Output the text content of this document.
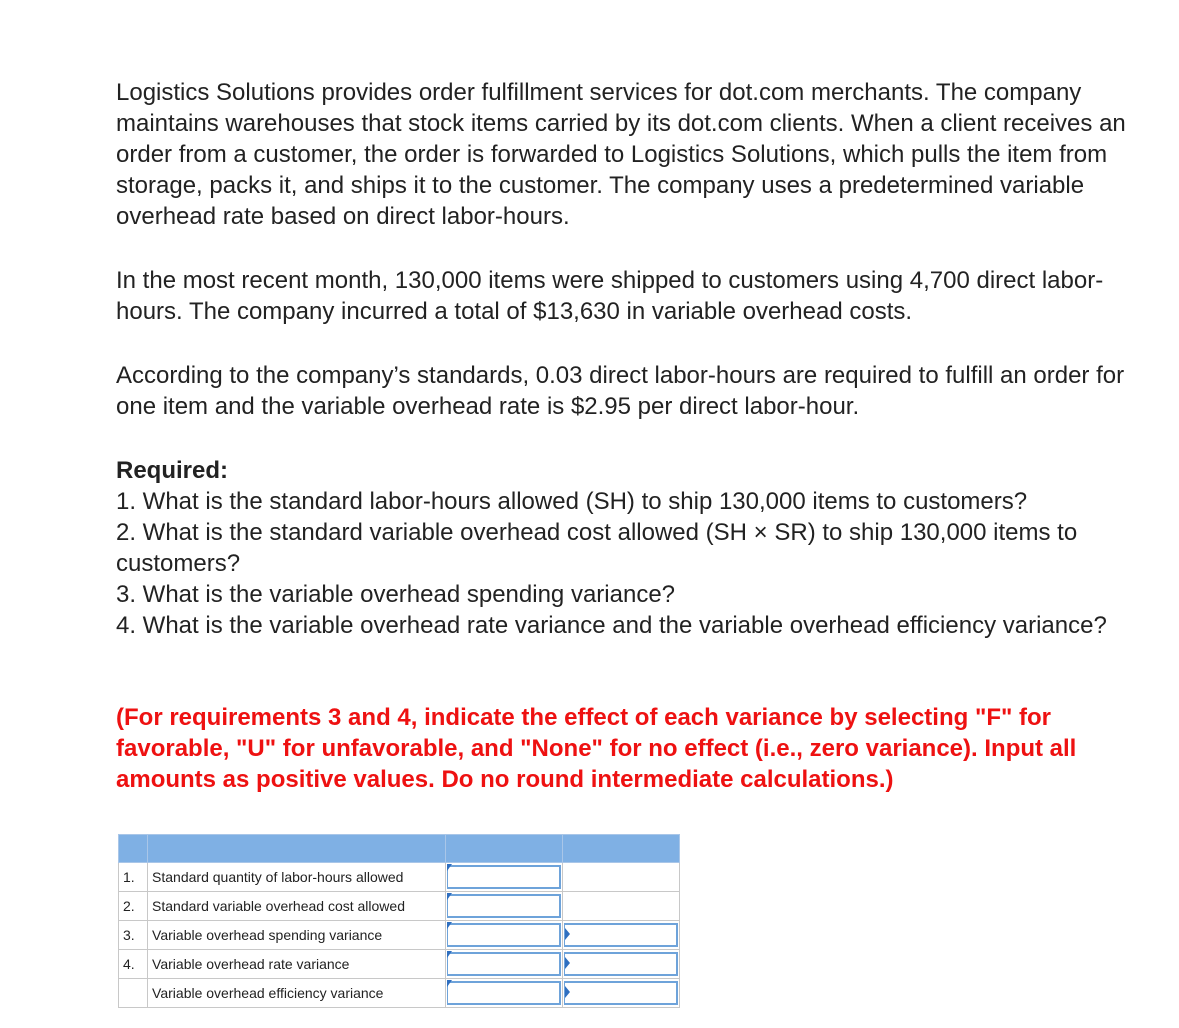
Logistics Solutions provides order fulfillment services for dot.com merchants. The company maintains warehouses that stock items carried by its dot.com clients. When a client receives an order from a customer, the order is forwarded to Logistics Solutions, which pulls the item from storage, packs it, and ships it to the customer. The company uses a predetermined variable overhead rate based on direct labor-hours.

In the most recent month, 130,000 items were shipped to customers using 4,700 direct labor-hours. The company incurred a total of $13,630 in variable overhead costs.

According to the company’s standards, 0.03 direct labor-hours are required to fulfill an order for one item and the variable overhead rate is $2.95 per direct labor-hour.

Required:
1. What is the standard labor-hours allowed (SH) to ship 130,000 items to customers?
2. What is the standard variable overhead cost allowed (SH × SR) to ship 130,000 items to customers?
3. What is the variable overhead spending variance?
4. What is the variable overhead rate variance and the variable overhead efficiency variance?
(For requirements 3 and 4, indicate the effect of each variance by selecting "F" for favorable, "U" for unfavorable, and "None" for no effect (i.e., zero variance). Input all amounts as positive values. Do no round intermediate calculations.)

1.	Standard quantity of labor-hours allowed	

2.	Standard variable overhead cost allowed	

3.	Variable overhead spending variance	

4.	Variable overhead rate variance	

	Variable overhead efficiency variance	
